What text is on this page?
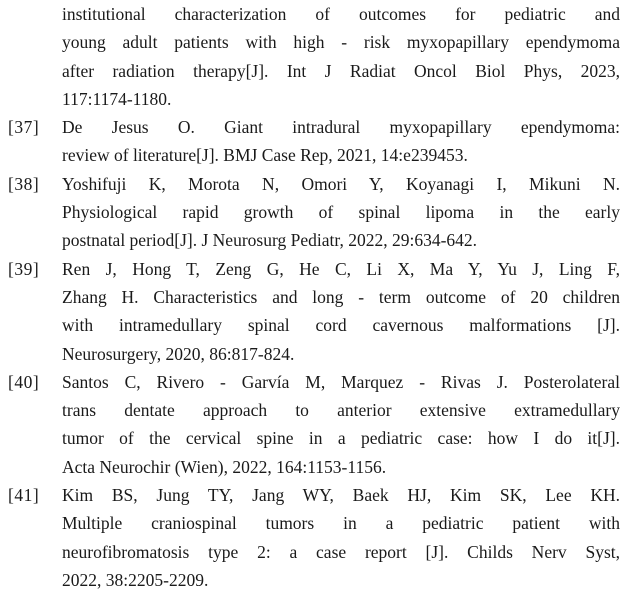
institutional characterization of outcomes for pediatric and
young adult patients with high - risk myxopapillary ependymoma
after radiation therapy[J]. Int J Radiat Oncol Biol Phys, 2023,
117:1174-1180.
[37]	De Jesus O. Giant intradural myxopapillary ependymoma:
review of literature[J]. BMJ Case Rep, 2021, 14:e239453.
[38]	Yoshifuji K, Morota N, Omori Y, Koyanagi I, Mikuni N.
Physiological rapid growth of spinal lipoma in the early
postnatal period[J]. J Neurosurg Pediatr, 2022, 29:634-642.
[39]	Ren J, Hong T, Zeng G, He C, Li X, Ma Y, Yu J, Ling F,
Zhang H. Characteristics and long - term outcome of 20 children
with intramedullary spinal cord cavernous malformations [J].
Neurosurgery, 2020, 86:817-824.
[40]	Santos C, Rivero - Garvía M, Marquez - Rivas J. Posterolateral
trans dentate approach to anterior extensive extramedullary
tumor of the cervical spine in a pediatric case: how I do it[J].
Acta Neurochir (Wien), 2022, 164:1153-1156.
[41]	Kim BS, Jung TY, Jang WY, Baek HJ, Kim SK, Lee KH.
Multiple craniospinal tumors in a pediatric patient with
neurofibromatosis type 2: a case report [J]. Childs Nerv Syst,
2022, 38:2205-2209.
